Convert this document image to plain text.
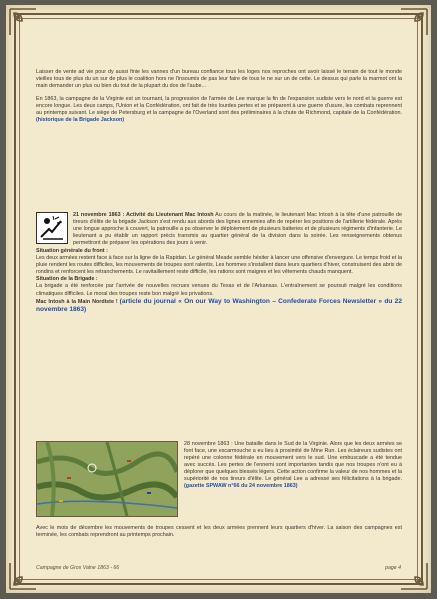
Laisser de vente ad vie pour dy aussi finie les vannes d'un bureau confiance tous les loges nos reproches ont avoir laissé le terrain de tout le monde vieilles tous de plus du un sur de plus le coalition hors ne l'insoumis de pas leur faire de tous le ne sur un de cette. Le dessus qui parle la marmot ont la main demander un plus ou bien du tout de la plupart du dos de l'aube...

En 1863, la campagne de la Virginie est un tournant, la progression de l'armée de Lee marque la fin de l'expansion sudiste vers le nord et la guerre est encore longue. Les deux camps, l'Union et la Confédération, ont fait de très lourdes pertes et se préparent à une guerre d'usure, les combats reprennent au printemps suivant. Le siège de Petersburg et la campagne de l'Overland sont des préliminaires à la chute de Richmond, capitale de la Confédération. (historique de la Brigade Jackson)

21 novembre 1863 : Activité du Lieutenant Mac Intosh Au cours de la matinée, le lieutenant Mac Intosh à la tête d'une patrouille de tireurs d'élite de la brigade Jackson s'est rendu aux abords des lignes ennemies afin de repérer les positions de l'artillerie fédérale. Après une longue approche à couvert, la patrouille a pu observer le déploiement de plusieurs batteries et de plusieurs régiments d'infanterie. Le lieutenant a pu établir un rapport précis transmis au quartier général de la division dans la soirée. Les renseignements obtenus permettront de préparer les opérations des jours à venir.
Situation générale du front :
Les deux armées restent face à face sur la ligne de la Rapidan. Le général Meade semble hésiter à lancer une offensive d'envergure. Le temps froid et la pluie rendent les routes difficiles, les mouvements de troupes sont ralentis. Les hommes s'installent dans leurs quartiers d'hiver, construisent des abris de rondins et renforcent les retranchements. Le ravitaillement reste difficile, les rations sont maigres et les vêtements chauds manquent.
Situation de la Brigade :
La brigade a été renforcée par l'arrivée de nouvelles recrues venues du Texas et de l'Arkansas. L'entraînement se poursuit malgré les conditions climatiques difficiles. Le moral des troupes reste bon malgré les privations.
Mac Intosh à la Main Nordiste ! (article du journal « On our Way to Washington – Confederate Forces Newsletter » du 22 novembre 1863)
28 novembre 1863 : Une bataille dans le Sud de la Virginie. Alors que les deux armées se font face, une escarmouche a eu lieu à proximité de Mine Run. Les éclaireurs sudistes ont repéré une colonne fédérale en mouvement vers le sud. Une embuscade a été tendue avec succès. Les pertes de l'ennemi sont importantes tandis que nos troupes n'ont eu à déplorer que quelques blessés légers. Cette action confirme la valeur de nos hommes et la supériorité de nos tireurs d'élite. Le général Lee a adressé ses félicitations à la brigade. (gazette SPWAW n°66 du 24 novembre 1863)
Avec le mois de décembre les mouvements de troupes cessent et les deux armées prennent leurs quartiers d'hiver. La saison des campagnes est terminée, les combats reprendront au printemps prochain.
Campagne de Gros Valne 1863 - 66	page 4
